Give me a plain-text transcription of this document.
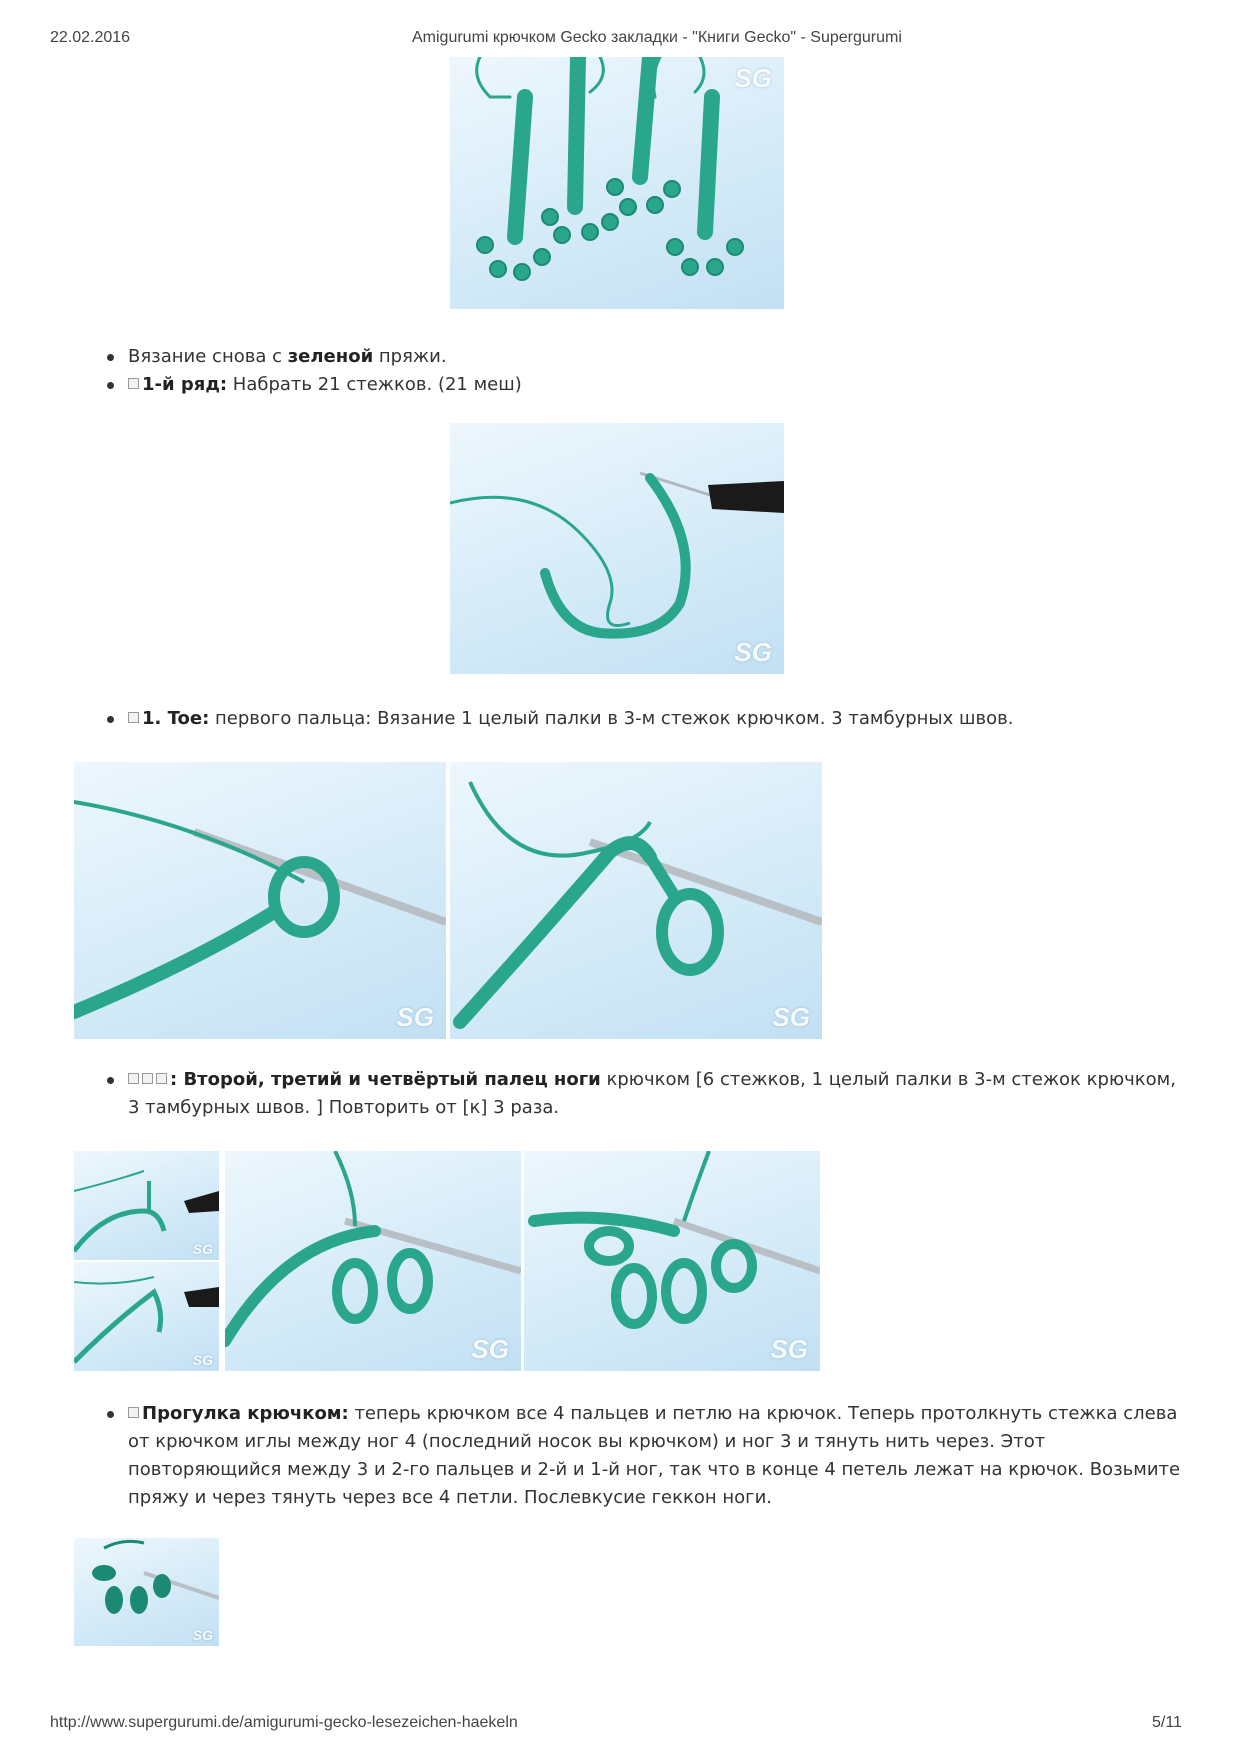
22.02.2016	Amigurumi крючком Gecko закладки - "Книги Gecko" - Supergurumi
SG
Вязание снова с зеленой пряжи.
1-й ряд: Набрать 21 стежков. (21 меш)
SG
1. Toe: первого пальца: Вязание 1 целый палки в 3-м стежок крючком. 3 тамбурных швов.
SG	SG
: Второй, третий и четвёртый палец ноги крючком [6 стежков, 1 целый палки в 3-м стежок крючком,
3 тамбурных швов. ] Повторить от [к] 3 раза.
SG
SG	SG	SG
Прогулка крючком: теперь крючком все 4 пальцев и петлю на крючок. Теперь протолкнуть стежка слева
от крючком иглы между ног 4 (последний носок вы крючком) и ног 3 и тянуть нить через. Этот
повторяющийся между 3 и 2-го пальцев и 2-й и 1-й ног, так что в конце 4 петель лежат на крючок. Возьмите
пряжу и через тянуть через все 4 петли. Послевкусие геккон ноги.
SG
http://www.supergurumi.de/amigurumi-gecko-lesezeichen-haekeln	5/11
